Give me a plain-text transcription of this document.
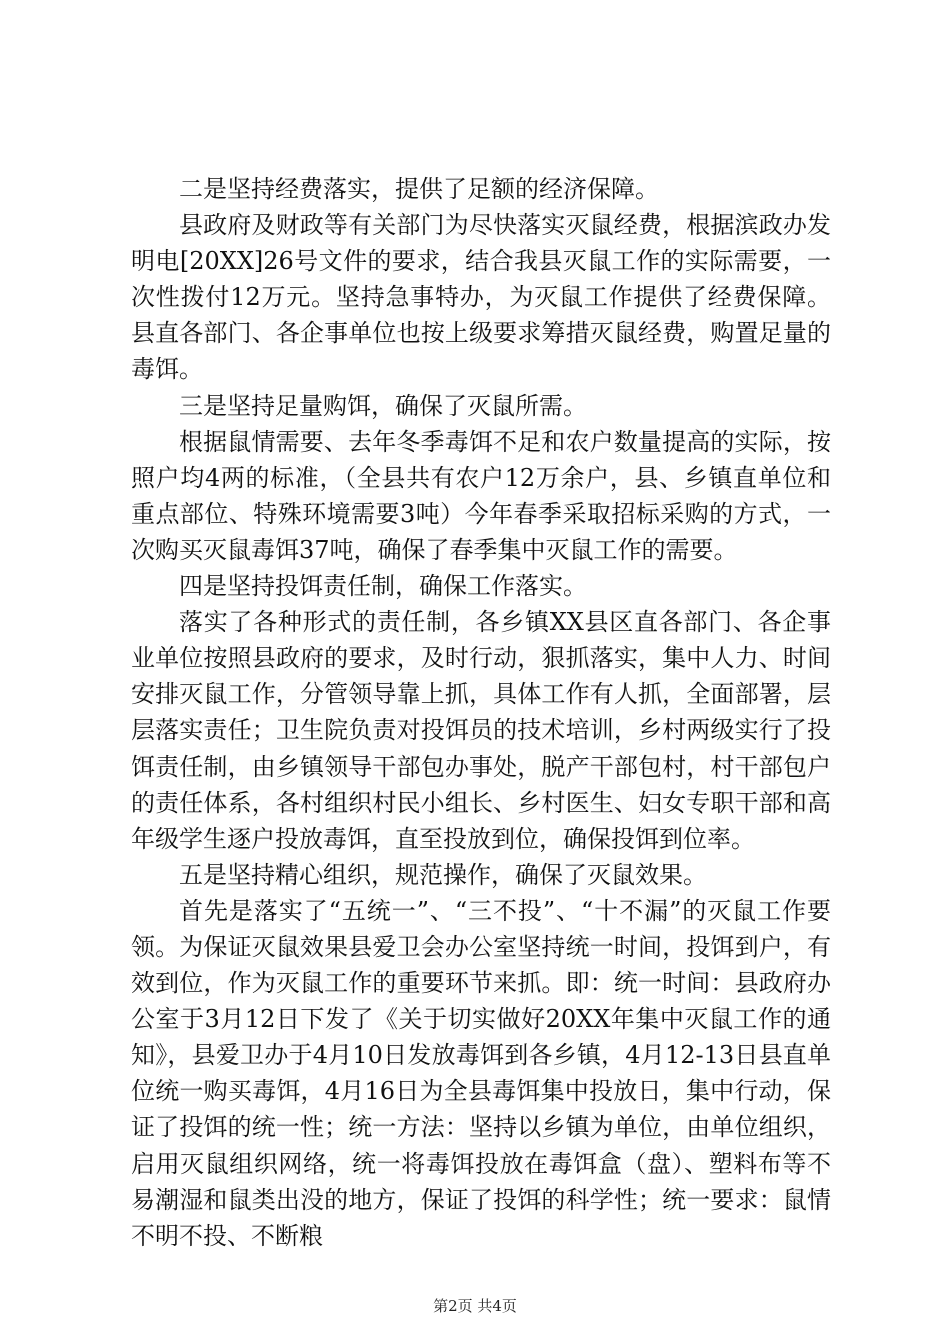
二是坚持经费落实，提供了足额的经济保障。

县政府及财政等有关部门为尽快落实灭鼠经费，根据滨政办发明电[20XX]26号文件的要求，结合我县灭鼠工作的实际需要，一次性拨付12万元。坚持急事特办，为灭鼠工作提供了经费保障。县直各部门、各企事单位也按上级要求筹措灭鼠经费，购置足量的毒饵。

三是坚持足量购饵，确保了灭鼠所需。

根据鼠情需要、去年冬季毒饵不足和农户数量提高的实际，按照户均4两的标准，（全县共有农户12万余户，县、乡镇直单位和重点部位、特殊环境需要3吨）今年春季采取招标采购的方式，一次购买灭鼠毒饵37吨，确保了春季集中灭鼠工作的需要。

四是坚持投饵责任制，确保工作落实。

落实了各种形式的责任制，各乡镇XX县区直各部门、各企事业单位按照县政府的要求，及时行动，狠抓落实，集中人力、时间安排灭鼠工作，分管领导靠上抓，具体工作有人抓，全面部署，层层落实责任；卫生院负责对投饵员的技术培训，乡村两级实行了投饵责任制，由乡镇领导干部包办事处，脱产干部包村，村干部包户的责任体系，各村组织村民小组长、乡村医生、妇女专职干部和高年级学生逐户投放毒饵，直至投放到位，确保投饵到位率。

五是坚持精心组织，规范操作，确保了灭鼠效果。

首先是落实了“五统一”、“三不投”、“十不漏”的灭鼠工作要领。为保证灭鼠效果县爱卫会办公室坚持统一时间，投饵到户，有效到位，作为灭鼠工作的重要环节来抓。即：统一时间：县政府办公室于3月12日下发了《关于切实做好20XX年集中灭鼠工作的通知》，县爱卫办于4月10日发放毒饵到各乡镇，4月12-13日县直单位统一购买毒饵，4月16日为全县毒饵集中投放日，集中行动，保证了投饵的统一性；统一方法：坚持以乡镇为单位，由单位组织，启用灭鼠组织网络，统一将毒饵投放在毒饵盒（盘）、塑料布等不易潮湿和鼠类出没的地方，保证了投饵的科学性；统一要求：鼠情不明不投、不断粮

第2页 共4页
